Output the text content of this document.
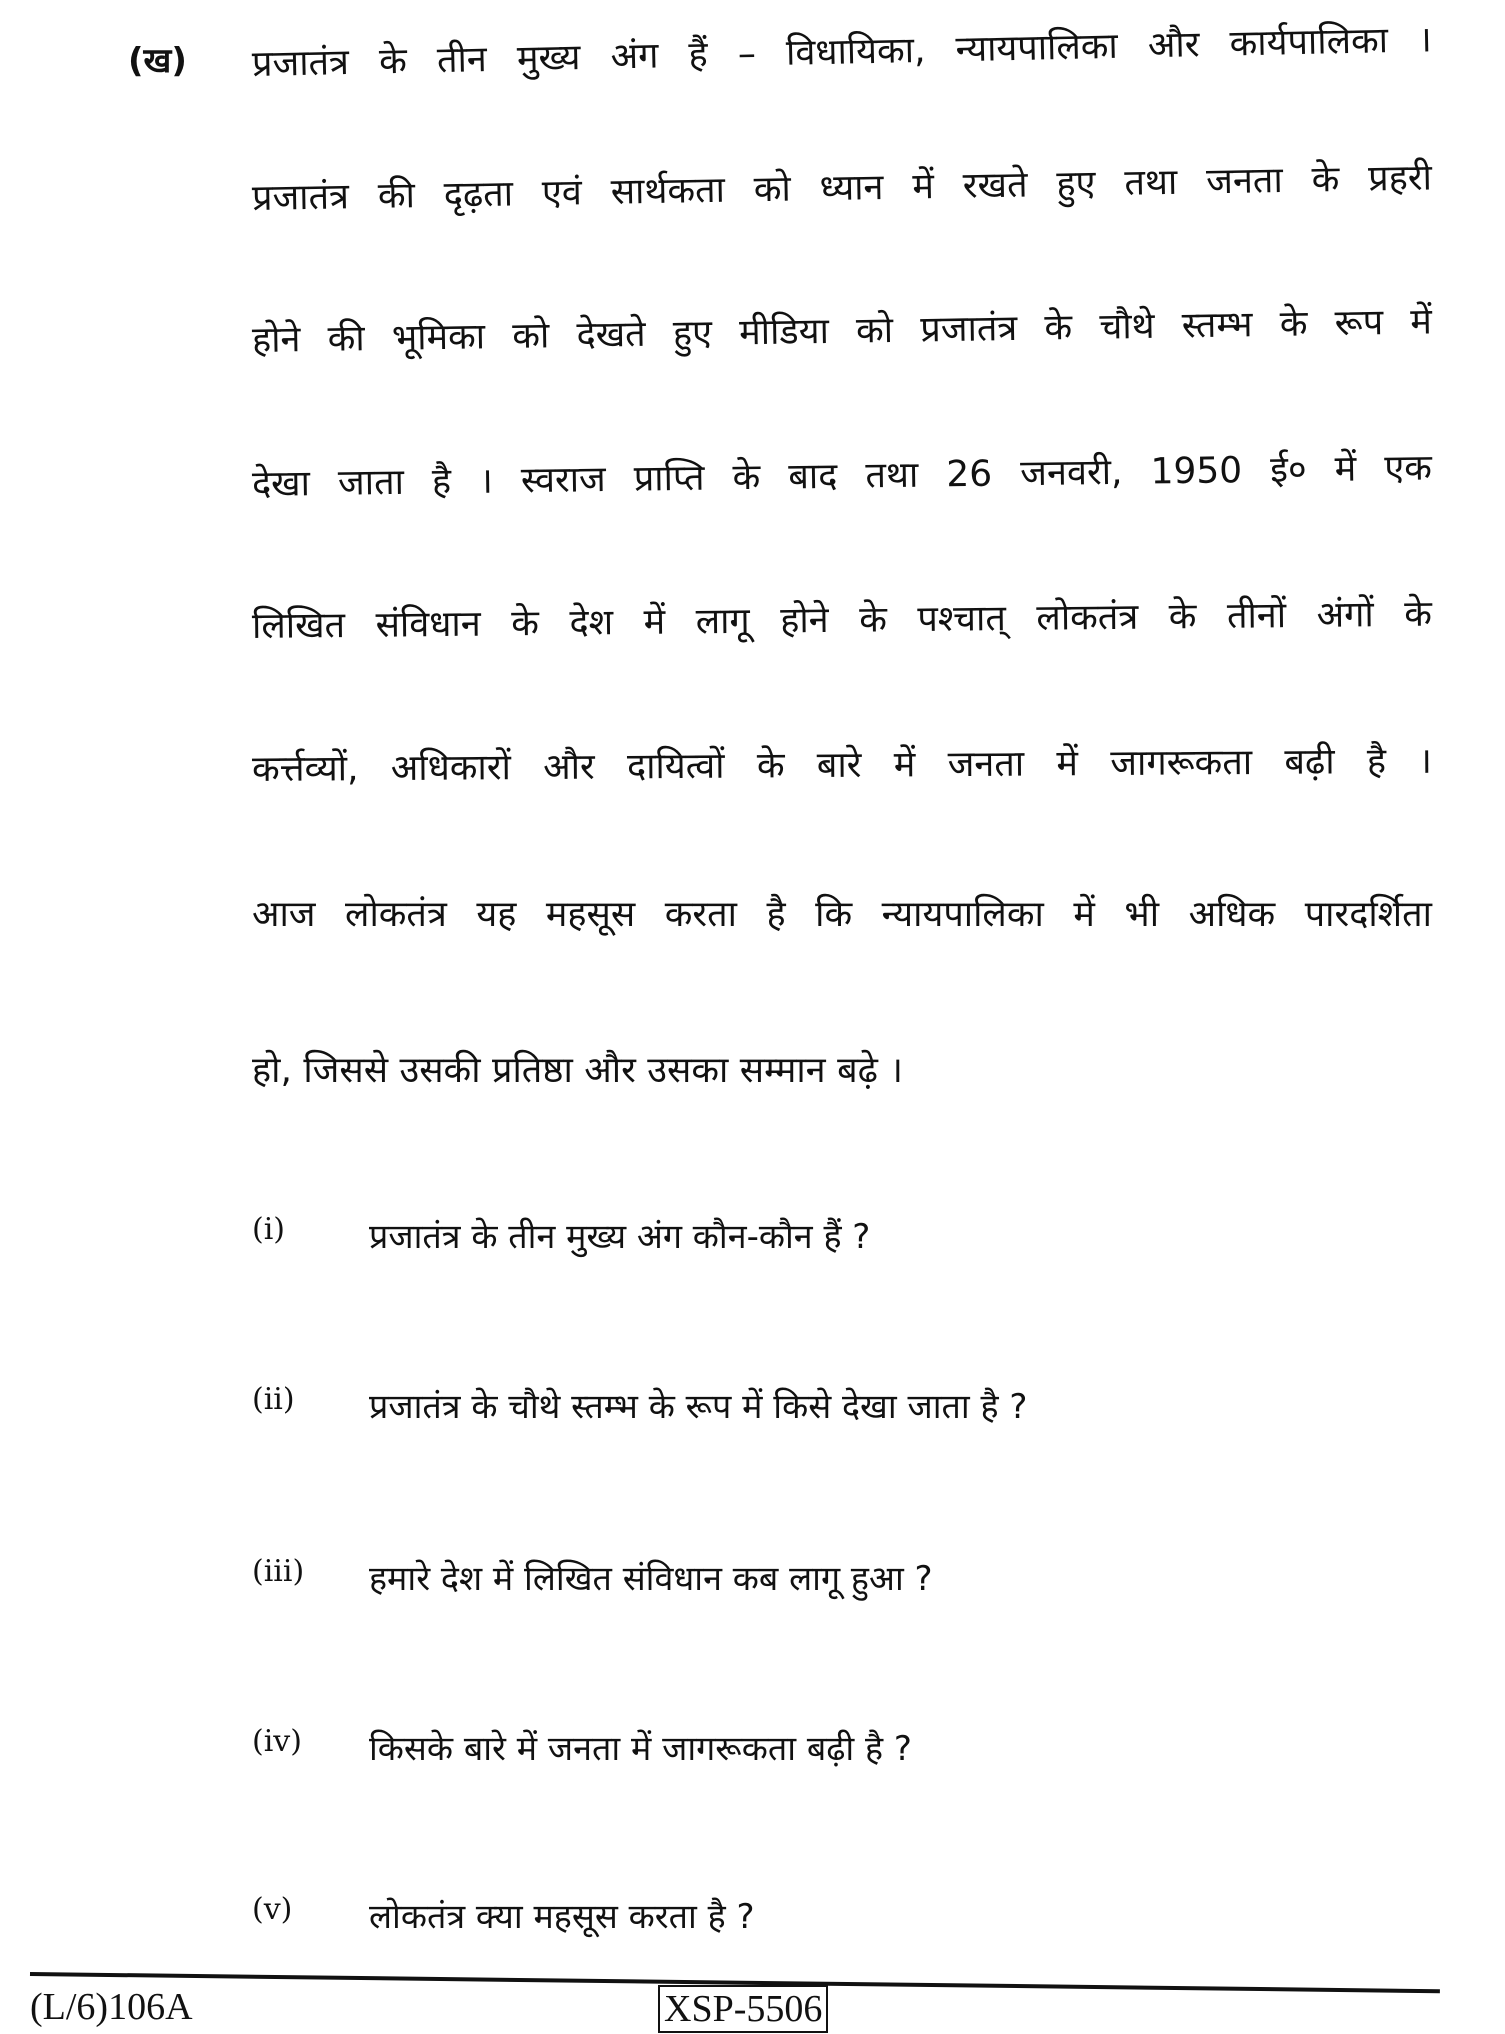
(ख) प्रजातंत्र के तीन मुख्य अंग हैं – विधायिका, न्यायपालिका और कार्यपालिका ।
प्रजातंत्र की दृढ़ता एवं सार्थकता को ध्यान में रखते हुए तथा जनता के प्रहरी
होने की भूमिका को देखते हुए मीडिया को प्रजातंत्र के चौथे स्तम्भ के रूप में
देखा जाता है । स्वराज प्राप्ति के बाद तथा 26 जनवरी, 1950 ई० में एक
लिखित संविधान के देश में लागू होने के पश्चात् लोकतंत्र के तीनों अंगों के
कर्त्तव्यों, अधिकारों और दायित्वों के बारे में जनता में जागरूकता बढ़ी है ।
आज लोकतंत्र यह महसूस करता है कि न्यायपालिका में भी अधिक पारदर्शिता
हो, जिससे उसकी प्रतिष्ठा और उसका सम्मान बढ़े ।
(i) प्रजातंत्र के तीन मुख्य अंग कौन-कौन हैं ?
(ii) प्रजातंत्र के चौथे स्तम्भ के रूप में किसे देखा जाता है ?
(iii) हमारे देश में लिखित संविधान कब लागू हुआ ?
(iv) किसके बारे में जनता में जागरूकता बढ़ी है ?
(v) लोकतंत्र क्या महसूस करता है ?
(L/6)106A	XSP-5506
